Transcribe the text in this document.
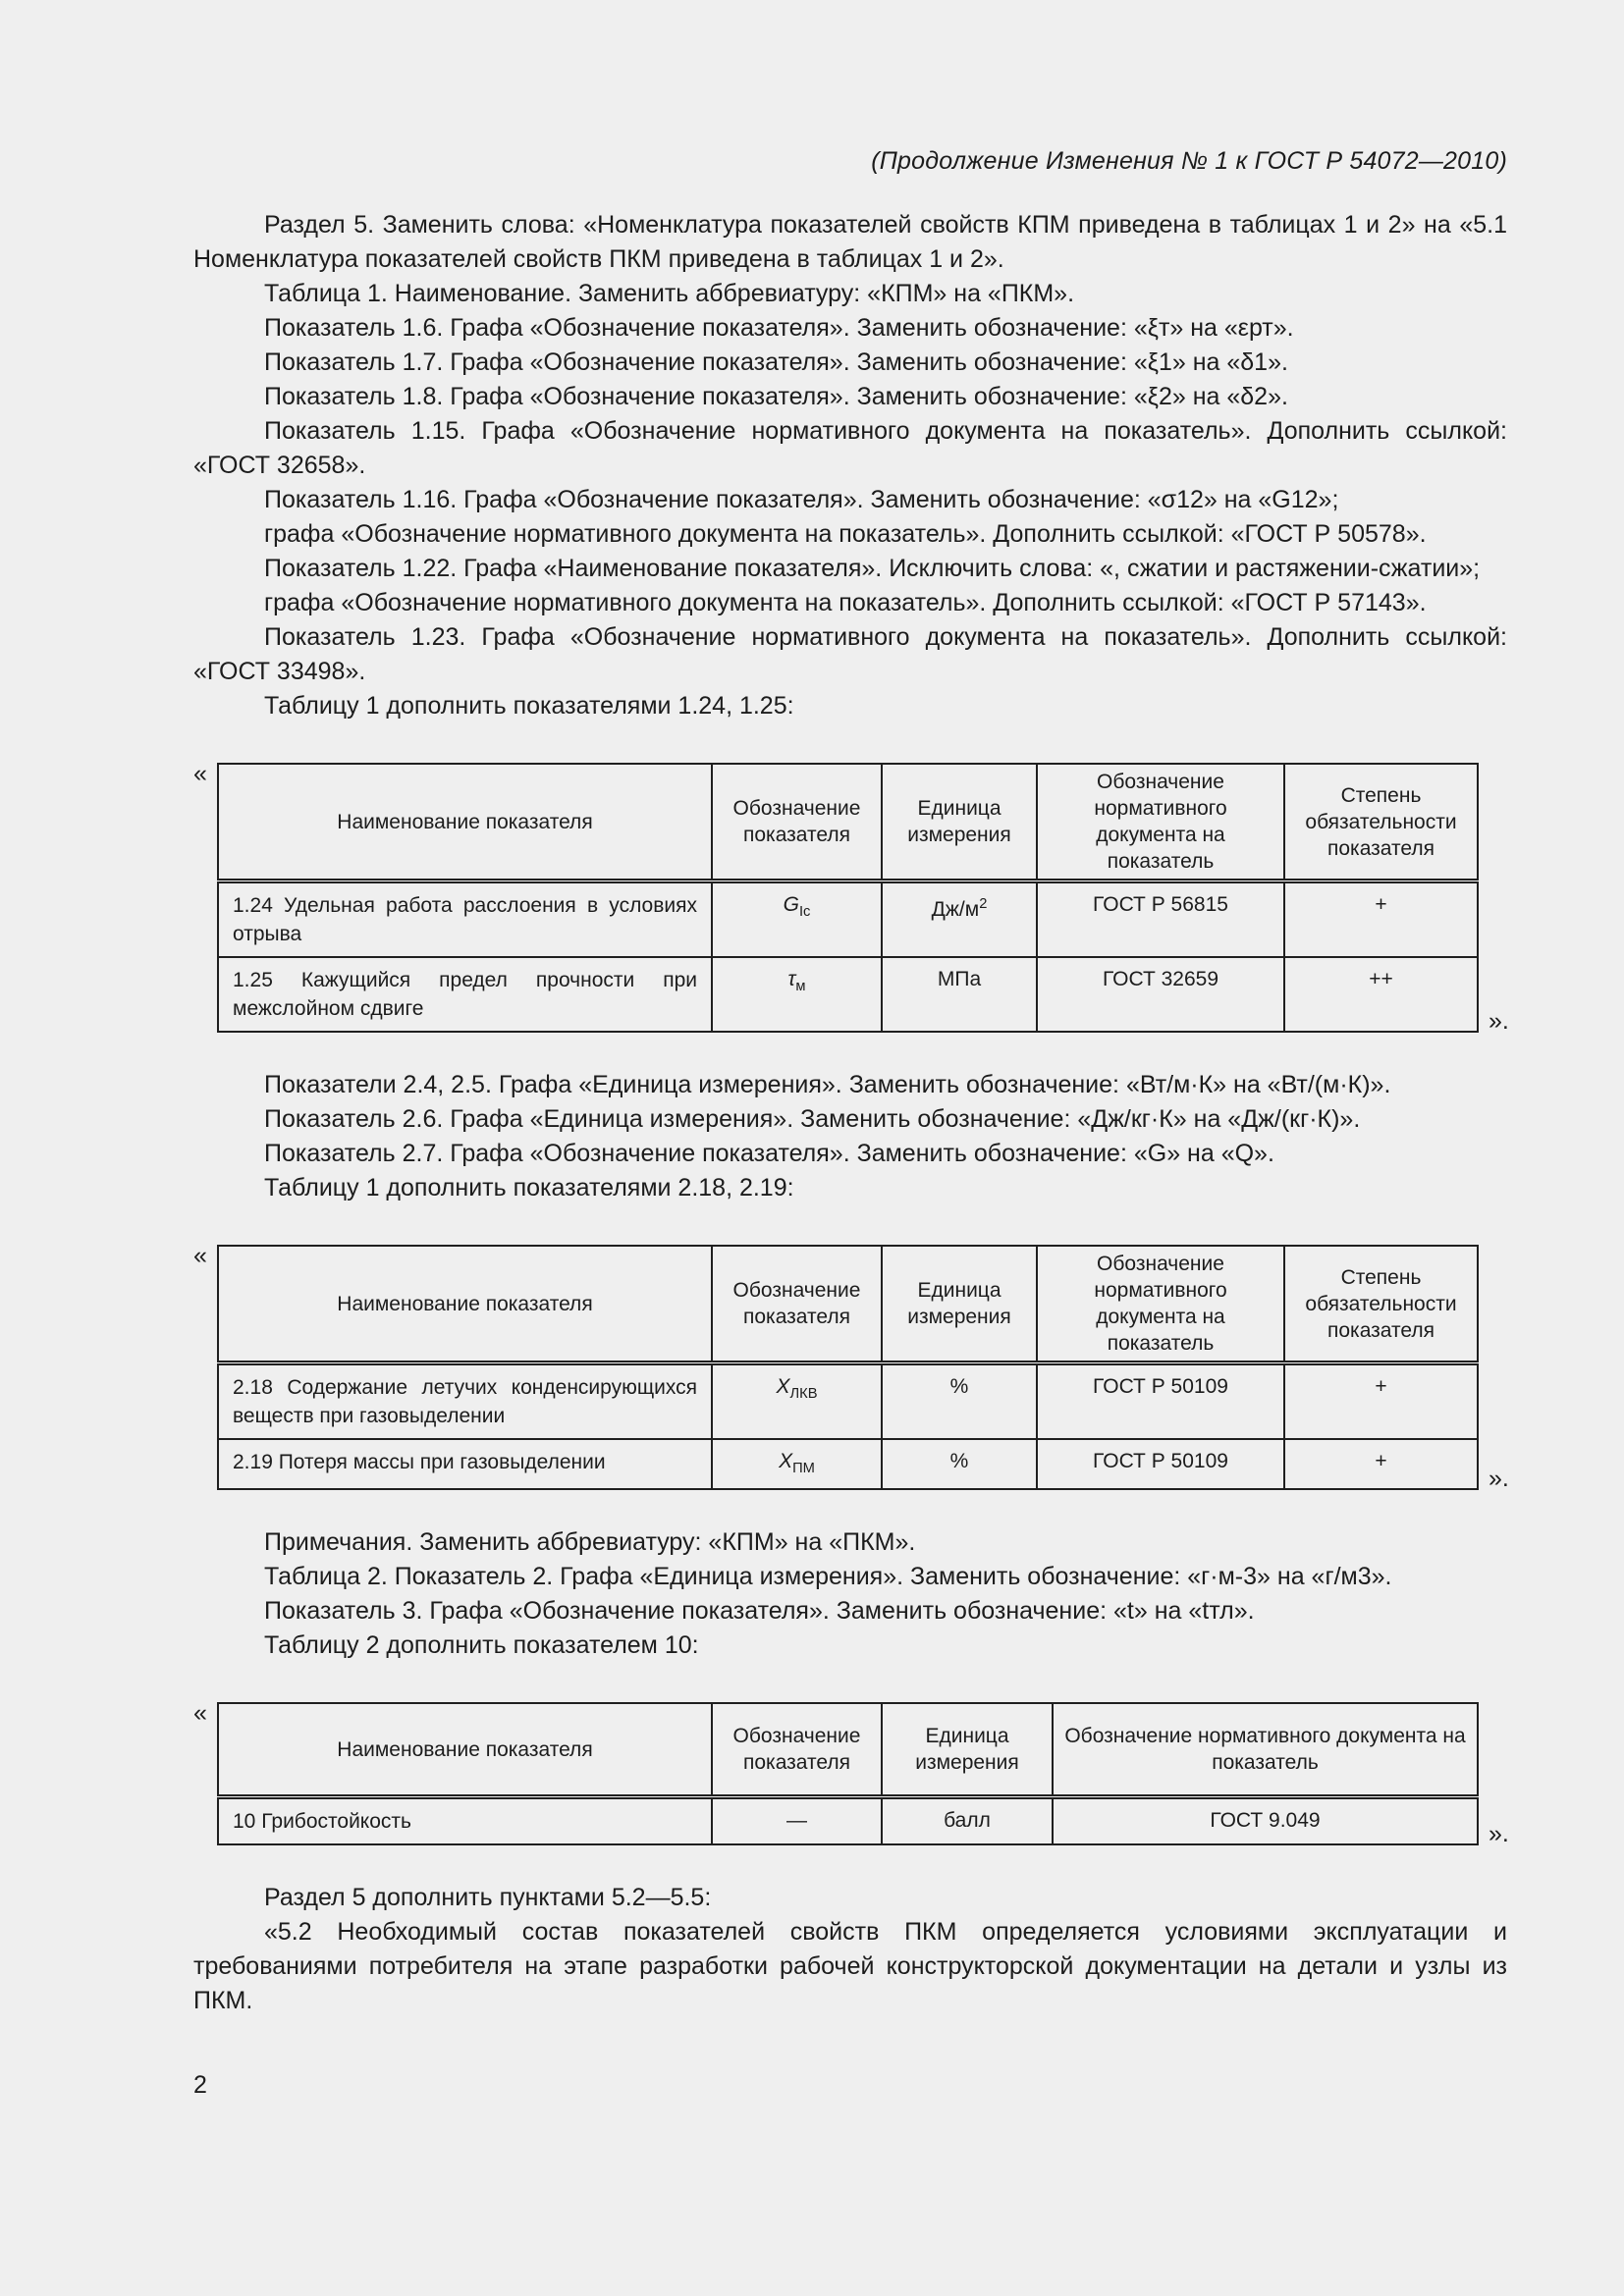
(Продолжение Изменения № 1 к ГОСТ Р 54072—2010)

Раздел 5. Заменить слова: «Номенклатура показателей свойств КПМ приведена в таблицах 1 и 2» на «5.1 Номенклатура показателей свойств ПКМ приведена в таблицах 1 и 2».

Таблица 1. Наименование. Заменить аббревиатуру: «КПМ» на «ПКМ».

Показатель 1.6. Графа «Обозначение показателя». Заменить обозначение: «ξт» на «εрт».

Показатель 1.7. Графа «Обозначение показателя». Заменить обозначение: «ξ1» на «δ1».

Показатель 1.8. Графа «Обозначение показателя». Заменить обозначение: «ξ2» на «δ2».

Показатель 1.15. Графа «Обозначение нормативного документа на показатель». Дополнить ссылкой: «ГОСТ 32658».

Показатель 1.16. Графа «Обозначение показателя». Заменить обозначение: «σ12» на «G12»;

графа «Обозначение нормативного документа на показатель». Дополнить ссылкой: «ГОСТ Р 50578».

Показатель 1.22. Графа «Наименование показателя». Исключить слова: «, сжатии и растяжении-сжатии»;

графа «Обозначение нормативного документа на показатель». Дополнить ссылкой: «ГОСТ Р 57143».

Показатель 1.23. Графа «Обозначение нормативного документа на показатель». Дополнить ссылкой: «ГОСТ 33498».

Таблицу 1 дополнить показателями 1.24, 1.25:

«
Наименование показателя	Обозначение показателя	Единица измерения	Обозначение нормативного документа на показатель	Степень обязательности показателя
1.24 Удельная работа расслоения в условиях отрыва	$G_{Ic}$	$Дж/м^2$	ГОСТ Р 56815	+
1.25 Кажущийся предел прочности при межслойном сдвиге	$\tau_м$	МПа	ГОСТ 32659	++
».

Показатели 2.4, 2.5. Графа «Единица измерения». Заменить обозначение: «Вт/м·К» на «Вт/(м·К)».

Показатель 2.6. Графа «Единица измерения». Заменить обозначение: «Дж/кг·К» на «Дж/(кг·К)».

Показатель 2.7. Графа «Обозначение показателя». Заменить обозначение: «G» на «Q».

Таблицу 1 дополнить показателями 2.18, 2.19:

«
Наименование показателя	Обозначение показателя	Единица измерения	Обозначение нормативного документа на показатель	Степень обязательности показателя
2.18 Содержание летучих конденсирующихся веществ при газовыделении	$X_{ЛКВ}$	%	ГОСТ Р 50109	+
2.19 Потеря массы при газовыделении	$X_{ПМ}$	%	ГОСТ Р 50109	+
».

Примечания. Заменить аббревиатуру: «КПМ» на «ПКМ».

Таблица 2. Показатель 2. Графа «Единица измерения». Заменить обозначение: «г·м-3» на «г/м3».

Показатель 3. Графа «Обозначение показателя». Заменить обозначение: «t» на «tтл».

Таблицу 2 дополнить показателем 10:

«
Наименование показателя	Обозначение показателя	Единица измерения	Обозначение нормативного документа на показатель
10 Грибостойкость	—	балл	ГОСТ 9.049	».

Раздел 5 дополнить пунктами 5.2—5.5:

«5.2 Необходимый состав показателей свойств ПКМ определяется условиями эксплуатации и требованиями потребителя на этапе разработки рабочей конструкторской документации на детали и узлы из ПКМ.

2
